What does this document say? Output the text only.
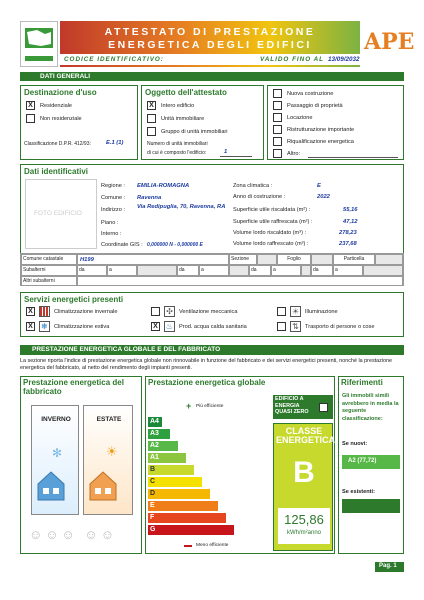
ATTESTATO DI PRESTAZIONE
ENERGETICA DEGLI EDIFICI
CODICE IDENTIFICATIVO:	VALIDO FINO AL 13/09/2032
APE
DATI GENERALI
Destinazione d'uso
X	Residenziale
Non residenziale
Classificazione D.P.R. 412/93:	E.1 (1)
Oggetto dell'attestato
X	Intero edificio
Unità immobiliare
Gruppo di unità immobiliari
Numero di unità immobiliari
di cui è composto l'edificio:	1
Nuova costruzione
Passaggio di proprietà
Locazione
Ristrutturazione importante
Riqualificazione energetica
Altro:
Dati identificativi
FOTO EDIFICIO
Regione : EMILIA-ROMAGNA
Comune : Ravenna
Indirizzo : Via Redipuglia, 70, Ravenna, RA
Piano :
Interno :
Coordinate GIS : 0,000000 N - 0,000000 E
Zona climatica :	E
Anno di costruzione :	2022
Superficie utile riscaldata (m²) :	55,16
Superficie utile raffrescata (m²) :	47,12
Volume lordo riscaldato (m³) :	278,23
Volume lordo raffrescato (m³) :	237,68
Comune catastale	H199	Sezione	Foglio	Particella
Subalterni	da	a	da	a	da	a	da	a
Altri subalterni
Servizi energetici presenti
X	Climatizzazione invernale
X ❄	Climatizzazione estiva
✣	Ventilazione meccanica
X ♨	Prod. acqua calda sanitaria
☀	Illuminazione
⇅	Trasporto di persone o cose
PRESTAZIONE ENERGETICA GLOBALE E DEL FABBRICATO
La sezione riporta l'indice di prestazione energetica globale non rinnovabile in funzione del fabbricato e dei servizi energetici presenti, nonché la prestazione energetica del fabbricato, al netto del rendimento degli impianti presenti.
Prestazione energetica del fabbricato
INVERNO
✻
ESTATE
☀
☺☺☺ ☺☺
Prestazione energetica globale
+ Più efficiente
A4
A3
A2
A1
B
C
D
E
F
G
Meno efficiente
EDIFICIO A ENERGIA QUASI ZERO
CLASSE ENERGETICA
B
125,86
kWh/m²anno
Riferimenti
Gli immobili simili avrebbero in media la seguente classificazione:
Se nuovi:
A2 (77,72)
Se esistenti:
Pag. 1
